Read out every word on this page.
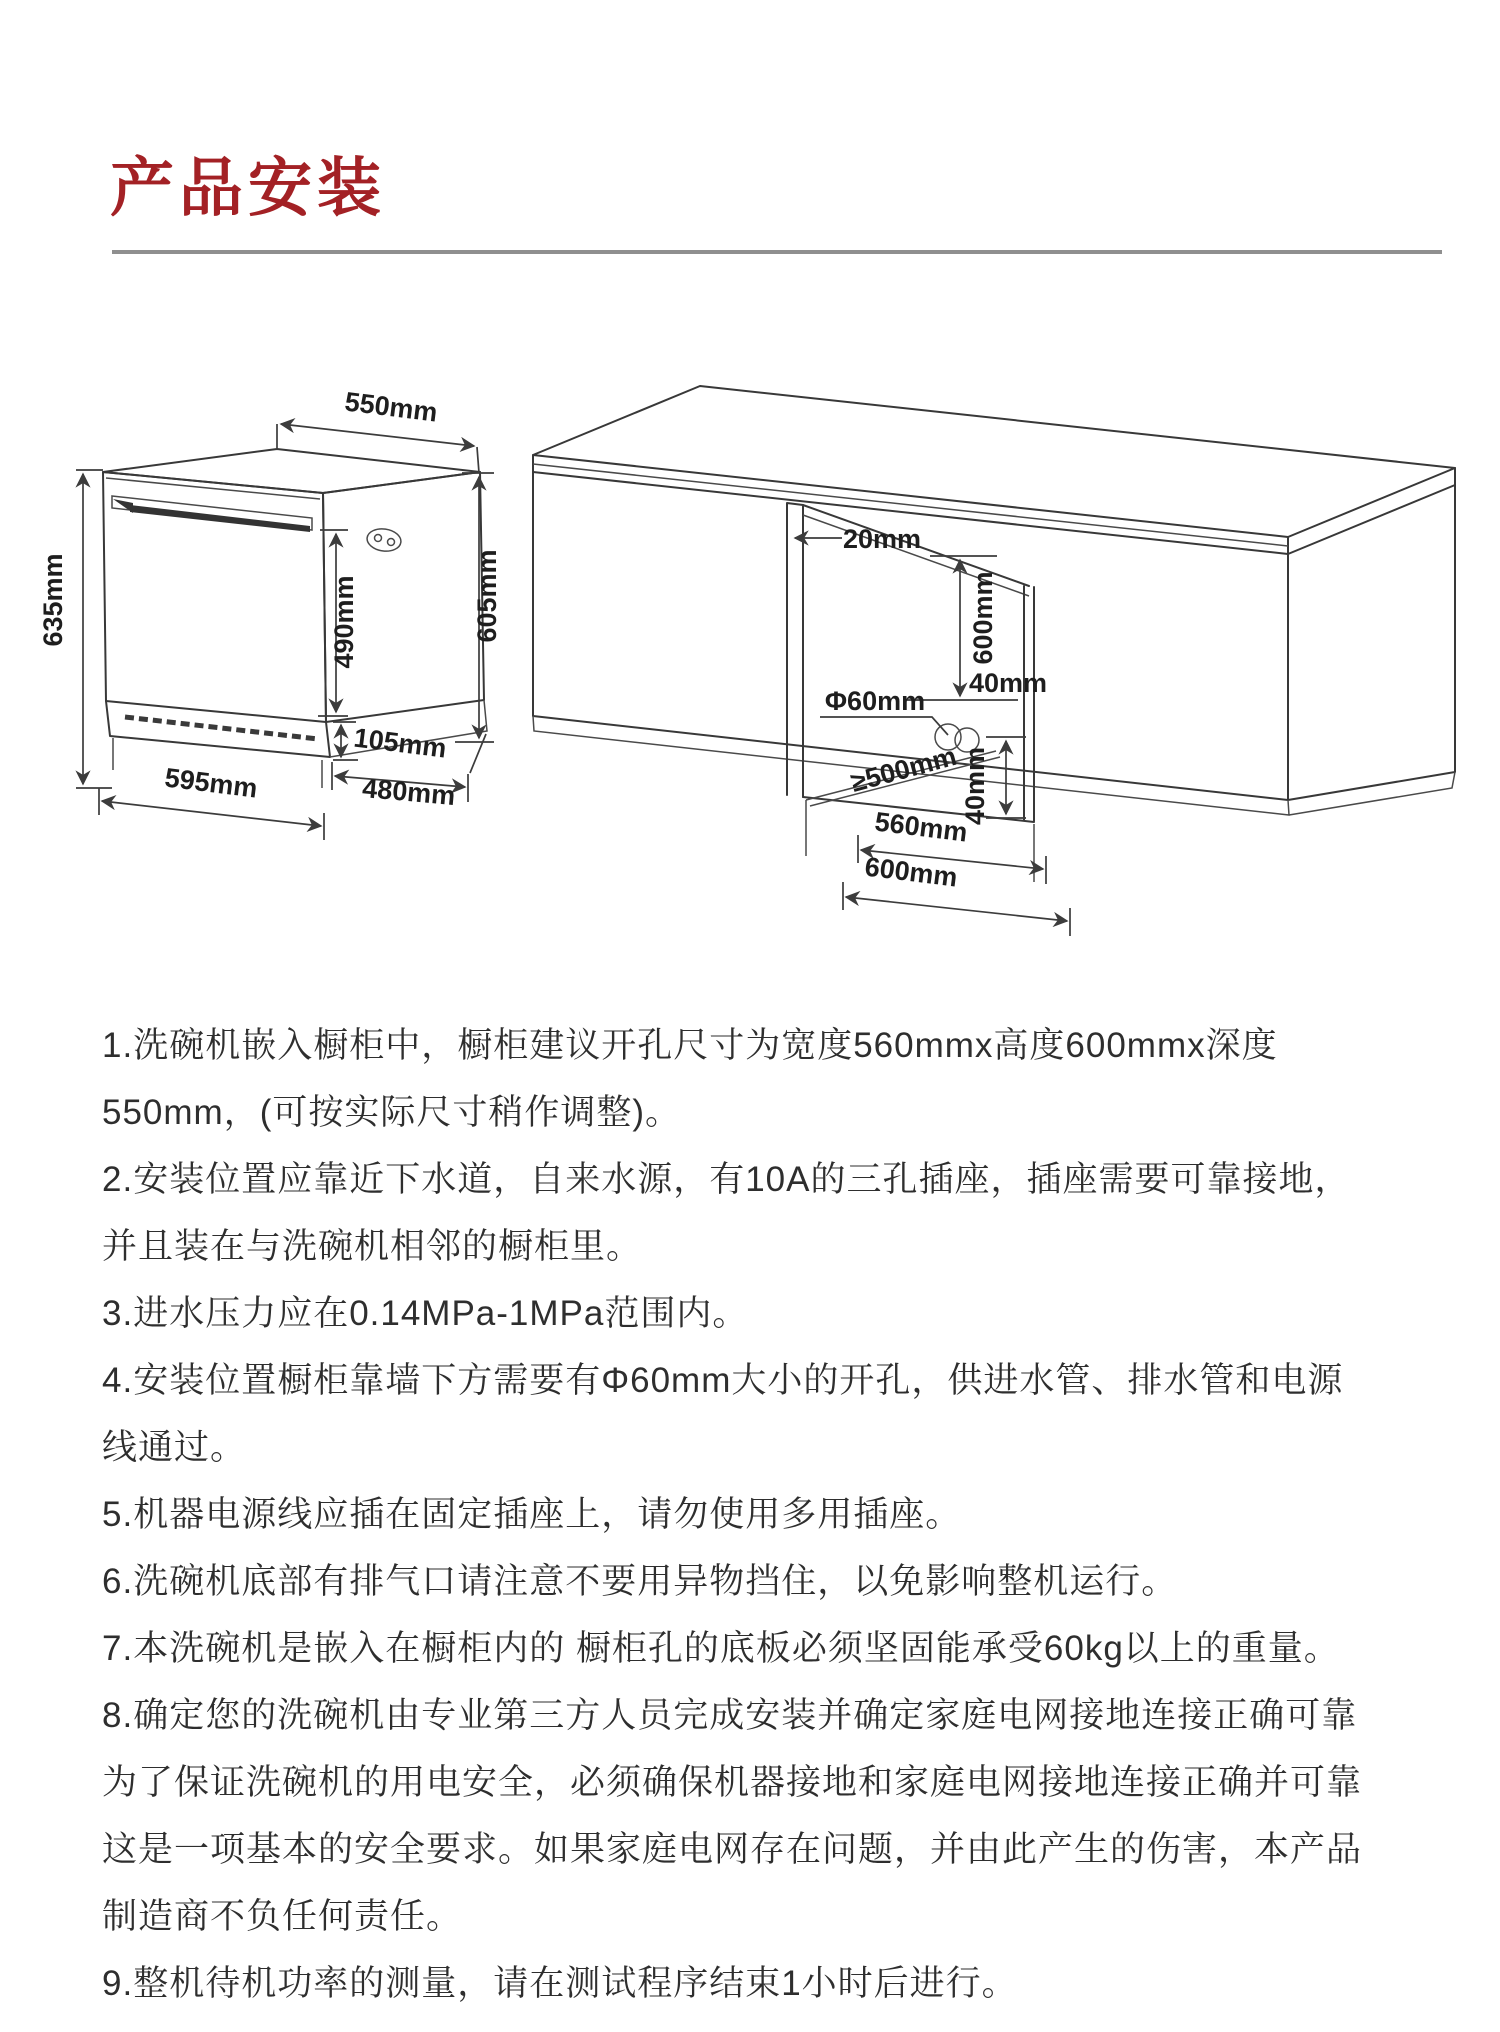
产品安装
550mm
635mm	490mm	605mm
105mm
595mm	480mm
20mm
600mm
40mm
Φ60mm
≥500mm 40mm
560mm
600mm
1.洗碗机嵌入橱柜中，橱柜建议开孔尺寸为宽度560mmx高度600mmx深度
550mm，(可按实际尺寸稍作调整)。
2.安装位置应靠近下水道，自来水源，有10A的三孔插座，插座需要可靠接地，
并且装在与洗碗机相邻的橱柜里。
3.进水压力应在0.14MPa-1MPa范围内。
4.安装位置橱柜靠墙下方需要有Φ60mm大小的开孔，供进水管、排水管和电源
线通过。
5.机器电源线应插在固定插座上，请勿使用多用插座。
6.洗碗机底部有排气口请注意不要用异物挡住，以免影响整机运行。
7.本洗碗机是嵌入在橱柜内的 橱柜孔的底板必须坚固能承受60kg以上的重量。
8.确定您的洗碗机由专业第三方人员完成安装并确定家庭电网接地连接正确可靠
为了保证洗碗机的用电安全，必须确保机器接地和家庭电网接地连接正确并可靠
这是一项基本的安全要求。如果家庭电网存在问题，并由此产生的伤害，本产品
制造商不负任何责任。
9.整机待机功率的测量，请在测试程序结束1小时后进行。
